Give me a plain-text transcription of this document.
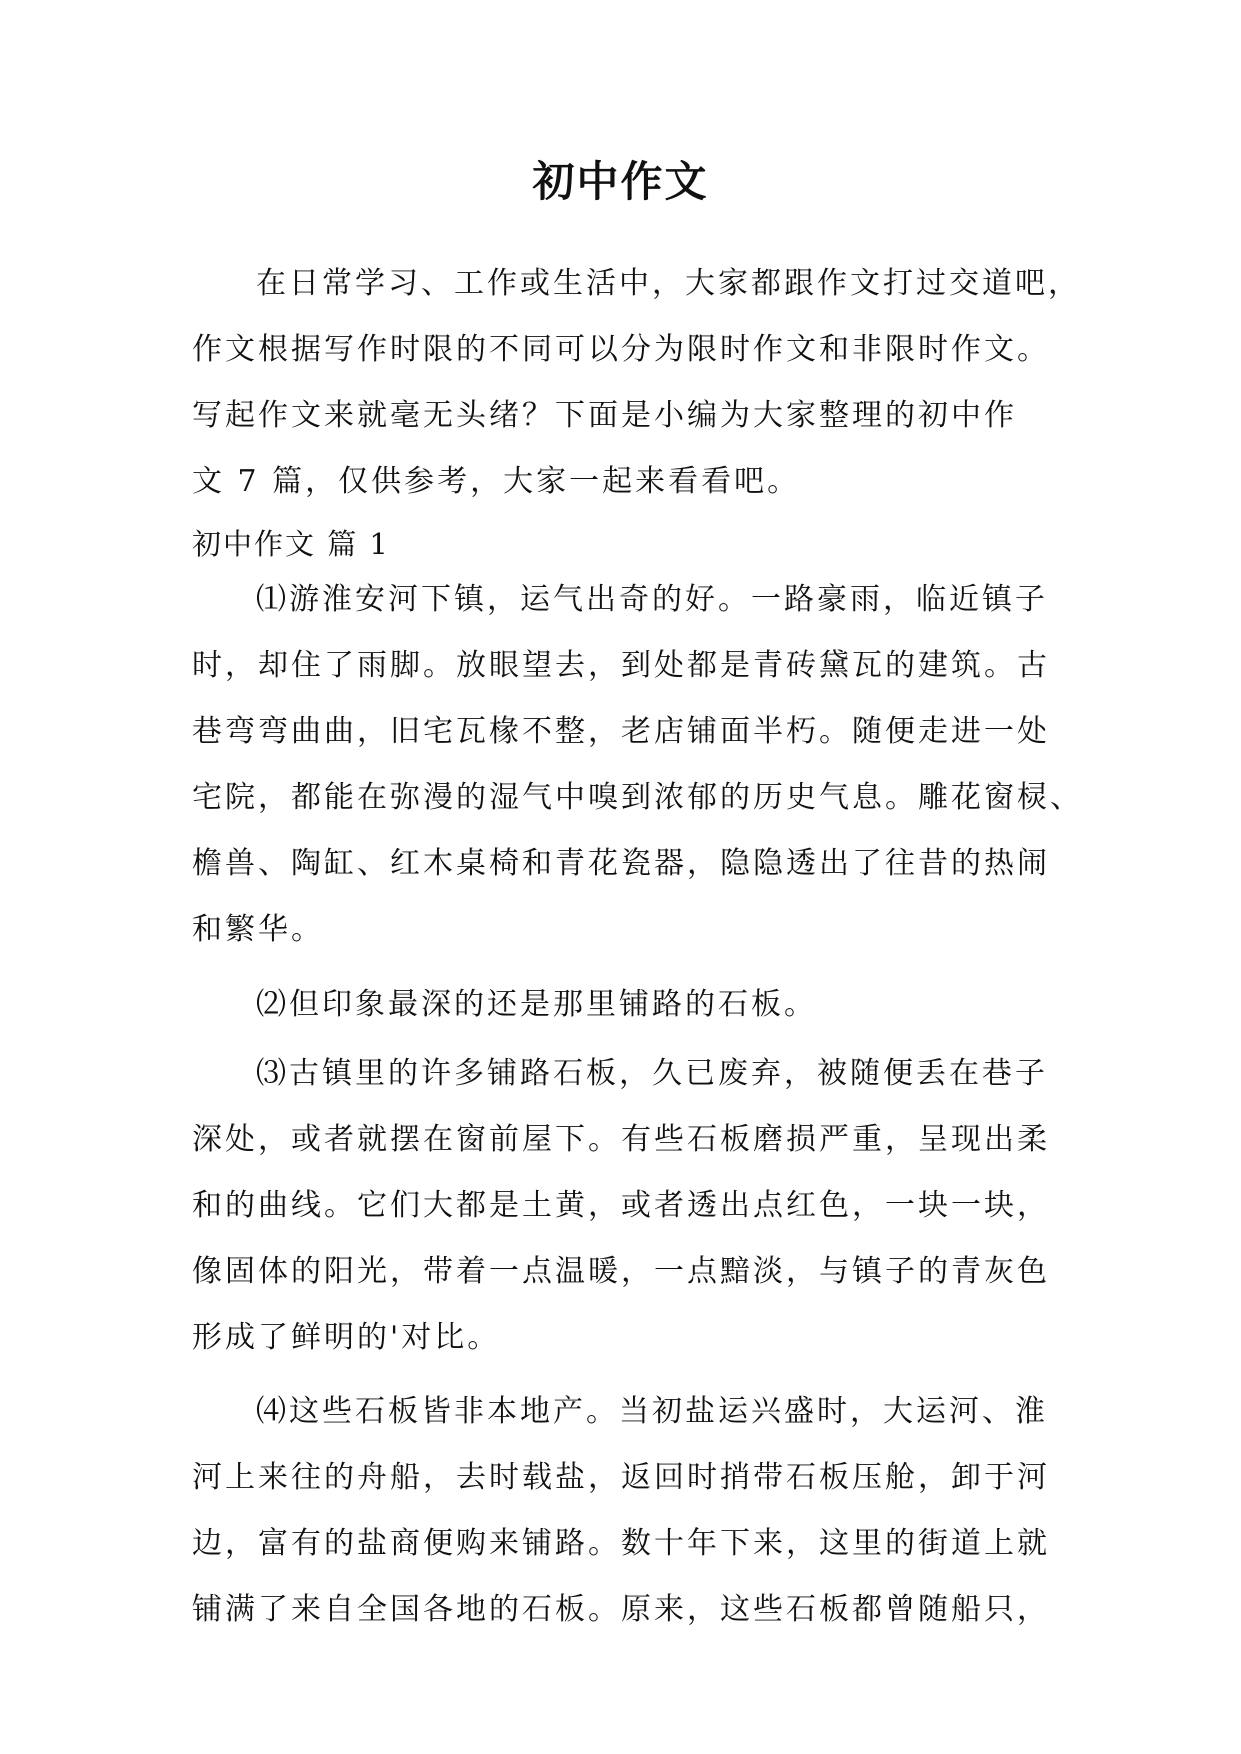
初中作文
在日常学习、工作或生活中，大家都跟作文打过交道吧，
作文根据写作时限的不同可以分为限时作文和非限时作文。
写起作文来就毫无头绪？下面是小编为大家整理的初中作
文 7 篇，仅供参考，大家一起来看看吧。
初中作文 篇 1
⑴游淮安河下镇，运气出奇的好。一路豪雨，临近镇子
时，却住了雨脚。放眼望去，到处都是青砖黛瓦的建筑。古
巷弯弯曲曲，旧宅瓦椽不整，老店铺面半朽。随便走进一处
宅院，都能在弥漫的湿气中嗅到浓郁的历史气息。雕花窗棂、
檐兽、陶缸、红木桌椅和青花瓷器，隐隐透出了往昔的热闹
和繁华。
⑵但印象最深的还是那里铺路的石板。
⑶古镇里的许多铺路石板，久已废弃，被随便丢在巷子
深处，或者就摆在窗前屋下。有些石板磨损严重，呈现出柔
和的曲线。它们大都是土黄，或者透出点红色，一块一块，
像固体的阳光，带着一点温暖，一点黯淡，与镇子的青灰色
形成了鲜明的'对比。
⑷这些石板皆非本地产。当初盐运兴盛时，大运河、淮
河上来往的舟船，去时载盐，返回时捎带石板压舱，卸于河
边，富有的盐商便购来铺路。数十年下来，这里的街道上就
铺满了来自全国各地的石板。原来，这些石板都曾随船只，
